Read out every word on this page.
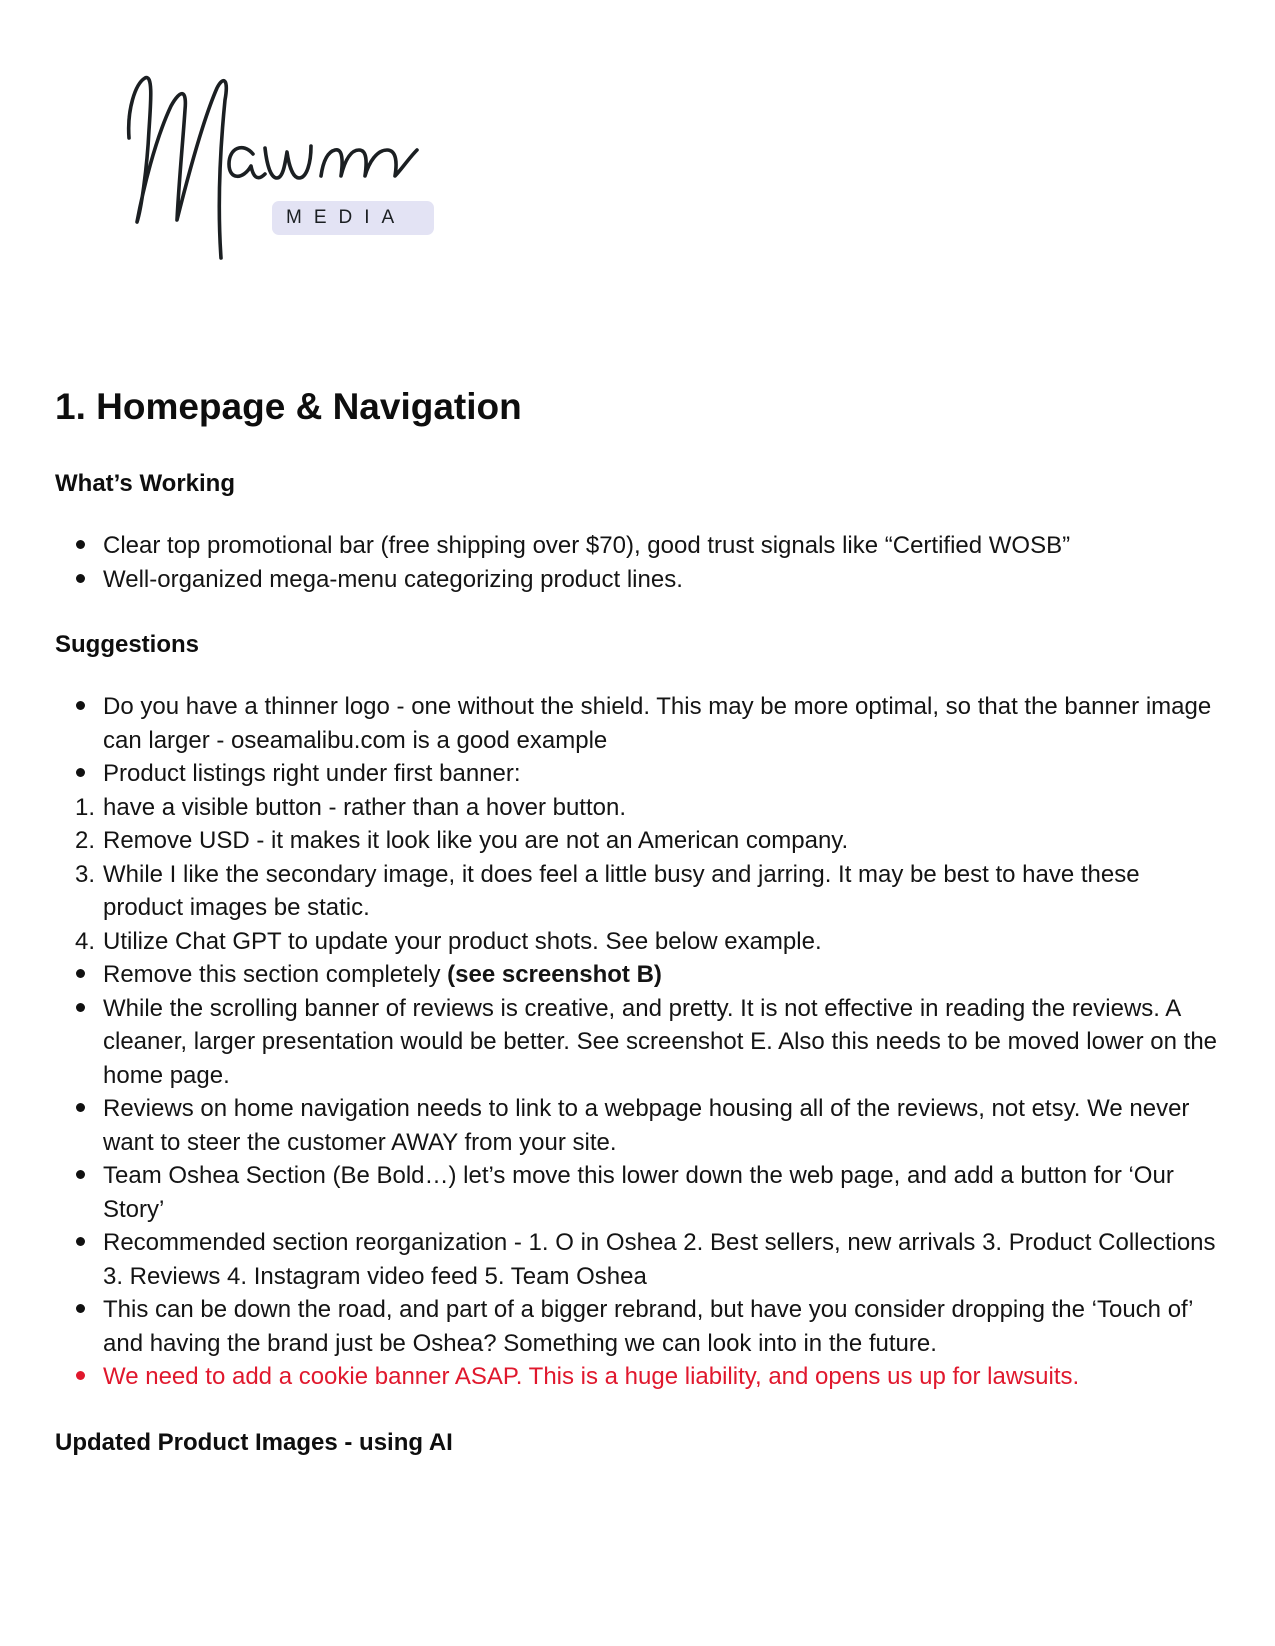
MEDIA
1. Homepage & Navigation
What’s Working
Clear top promotional bar (free shipping over $70), good trust signals like “Certified WOSB”
Well-organized mega-menu categorizing product lines.
Suggestions
Do you have a thinner logo - one without the shield. This may be more optimal, so that the banner image can larger - oseamalibu.com is a good example
Product listings right under first banner:
1. have a visible button - rather than a hover button.
2. Remove USD - it makes it look like you are not an American company.
3. While I like the secondary image, it does feel a little busy and jarring. It may be best to have these product images be static.
4. Utilize Chat GPT to update your product shots. See below example.
Remove this section completely (see screenshot B)
While the scrolling banner of reviews is creative, and pretty. It is not effective in reading the reviews. A cleaner, larger presentation would be better. See screenshot E. Also this needs to be moved lower on the home page.
Reviews on home navigation needs to link to a webpage housing all of the reviews, not etsy. We never want to steer the customer AWAY from your site.
Team Oshea Section (Be Bold…) let’s move this lower down the web page, and add a button for ‘Our Story’
Recommended section reorganization - 1. O in Oshea 2. Best sellers, new arrivals 3. Product Collections 3. Reviews 4. Instagram video feed 5. Team Oshea
This can be down the road, and part of a bigger rebrand, but have you consider dropping the ‘Touch of’ and having the brand just be Oshea? Something we can look into in the future.
We need to add a cookie banner ASAP. This is a huge liability, and opens us up for lawsuits.
Updated Product Images - using AI
